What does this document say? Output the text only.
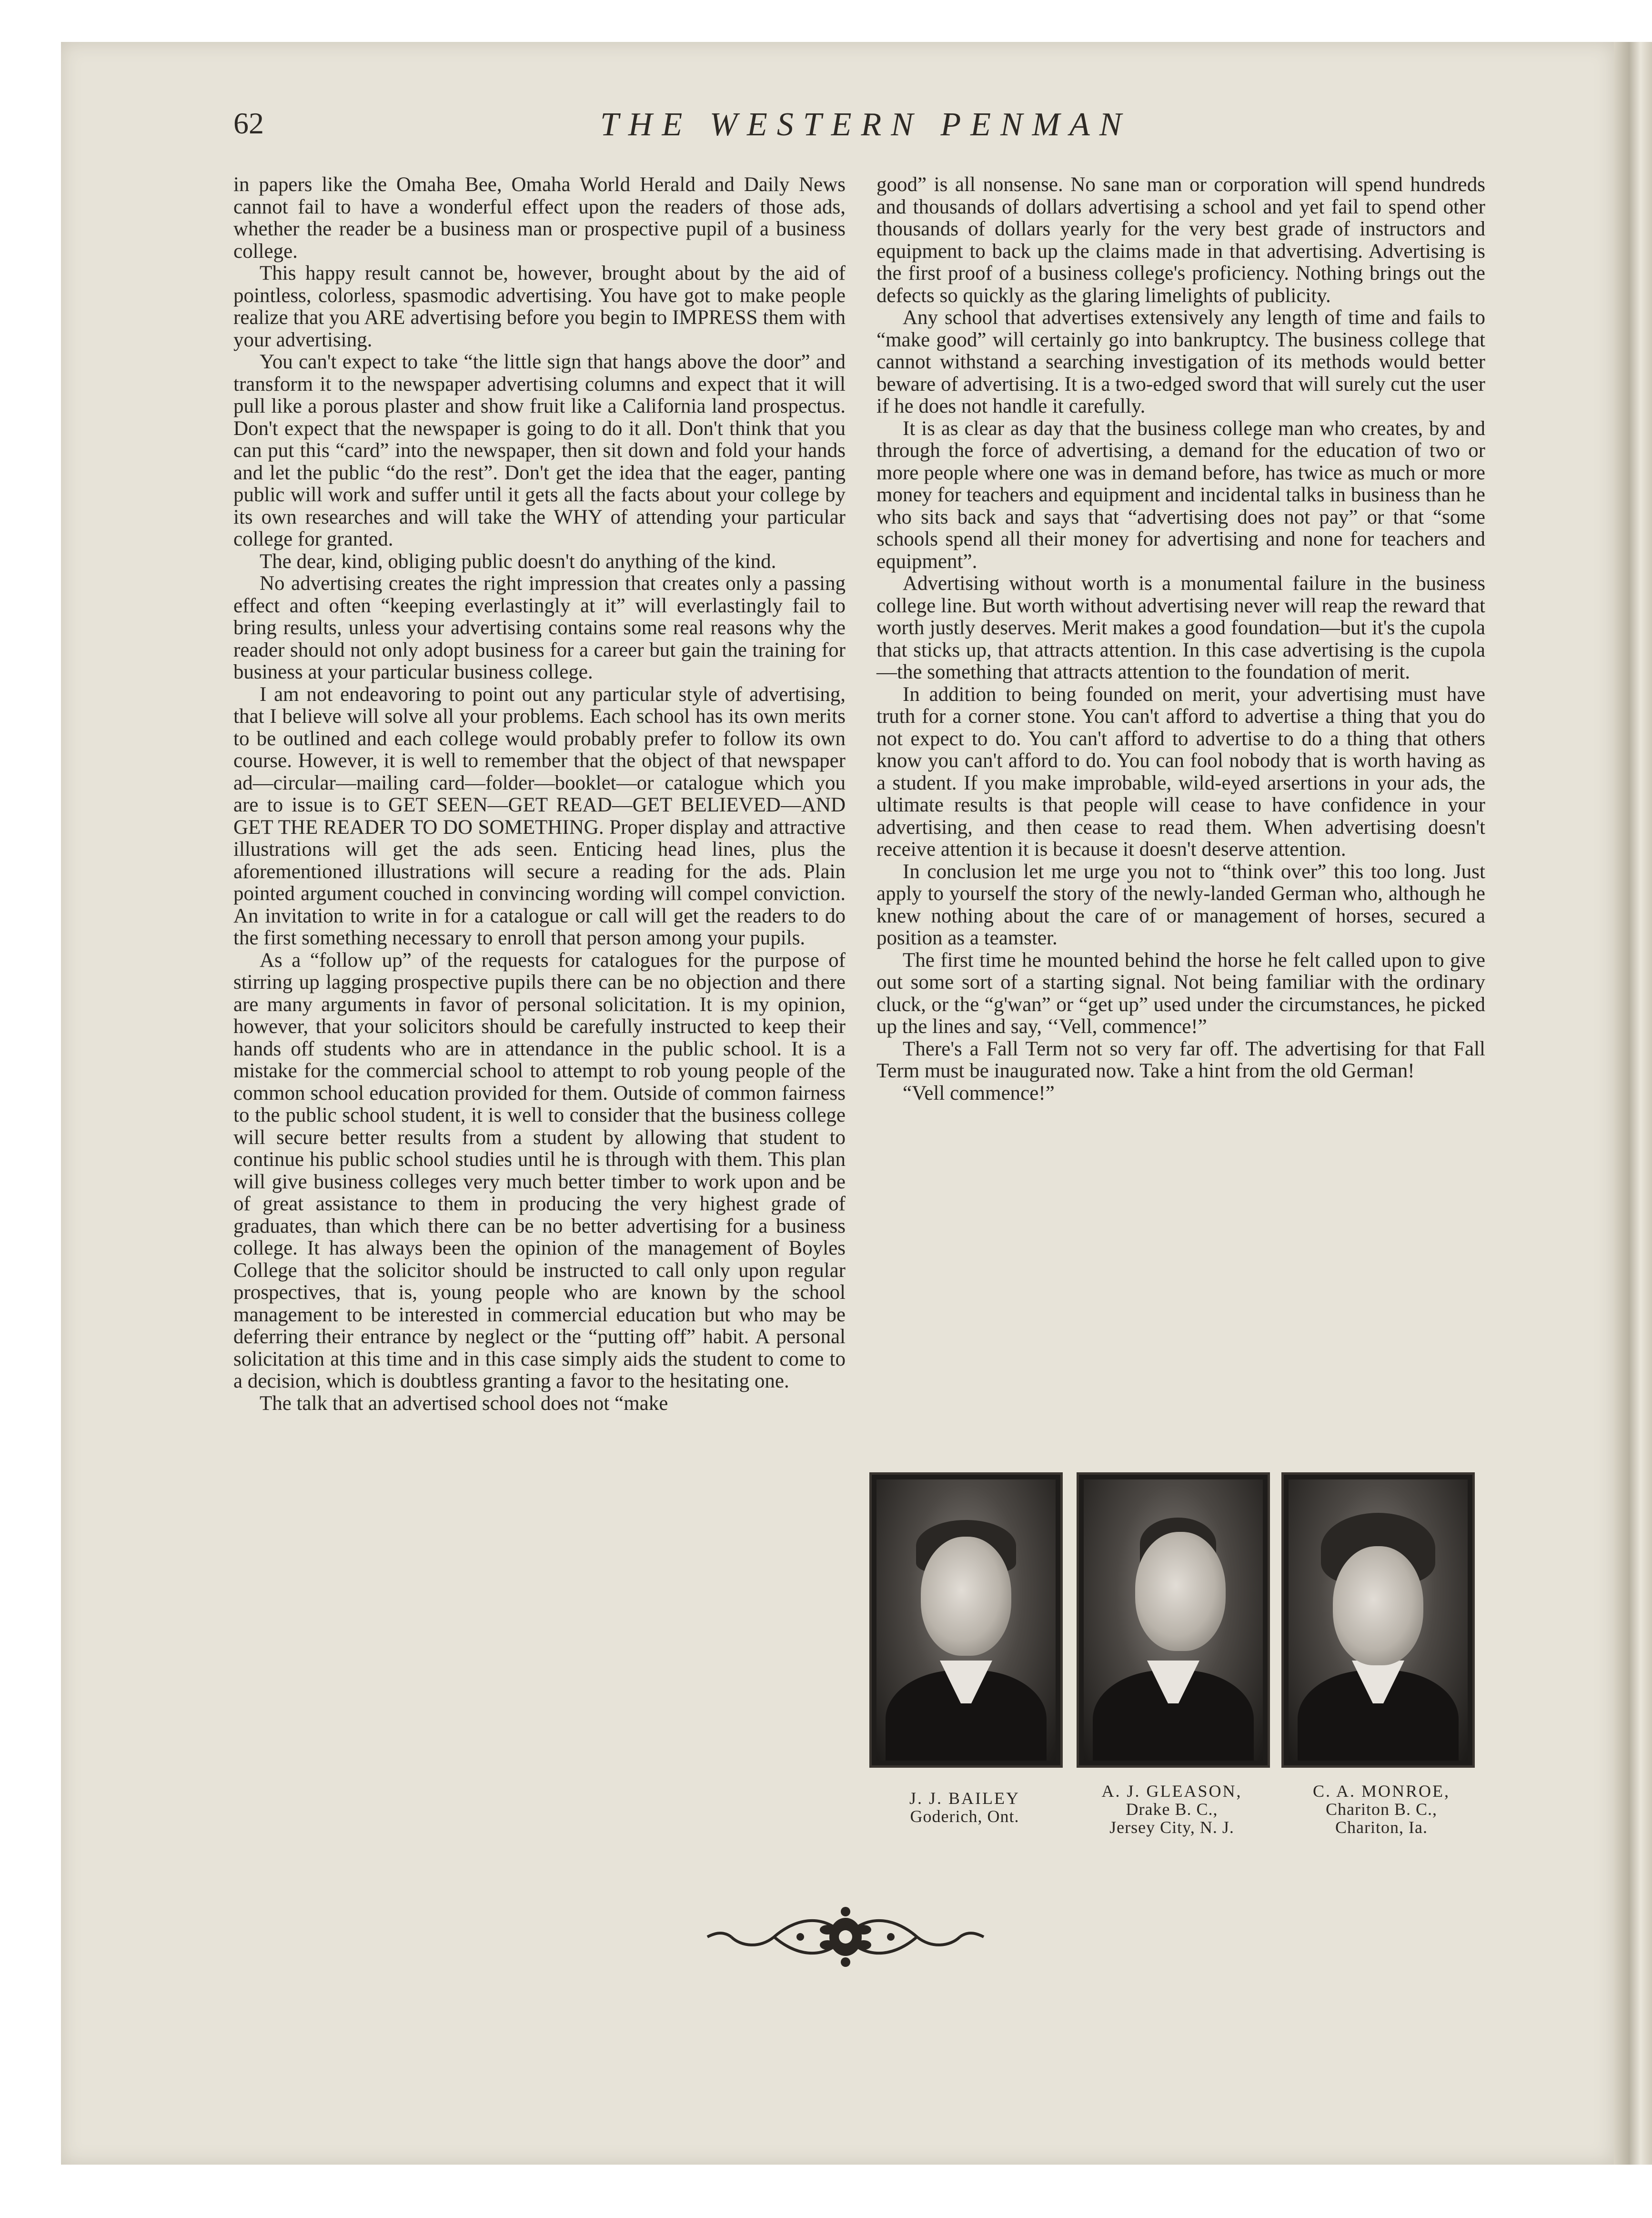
62	THE WESTERN PENMAN

in papers like the Omaha Bee, Omaha World Herald and Daily News cannot fail to have a wonderful effect upon the readers of those ads, whether the reader be a business man or prospective pupil of a business college.

This happy result cannot be, however, brought about by the aid of pointless, colorless, spasmodic advertising. You have got to make people realize that you ARE advertising before you begin to IMPRESS them with your advertising.

You can't expect to take “the little sign that hangs above the door” and transform it to the newspaper advertising columns and expect that it will pull like a porous plaster and show fruit like a California land prospectus. Don't expect that the newspaper is going to do it all. Don't think that you can put this “card” into the newspaper, then sit down and fold your hands and let the public “do the rest”. Don't get the idea that the eager, panting public will work and suffer until it gets all the facts about your college by its own researches and will take the WHY of attending your particular college for granted.

The dear, kind, obliging public doesn't do anything of the kind.

No advertising creates the right impression that creates only a passing effect and often “keeping everlastingly at it” will everlastingly fail to bring results, unless your advertising contains some real reasons why the reader should not only adopt business for a career but gain the training for business at your particular business college.

I am not endeavoring to point out any particular style of advertising, that I believe will solve all your problems. Each school has its own merits to be outlined and each college would probably prefer to follow its own course. However, it is well to remember that the object of that newspaper ad—circular—mailing card—folder—booklet—or catalogue which you are to issue is to GET SEEN—GET READ—GET BELIEVED—AND GET THE READER TO DO SOMETHING. Proper display and attractive illustrations will get the ads seen. Enticing head lines, plus the aforementioned illustrations will secure a reading for the ads. Plain pointed argument couched in convincing wording will compel conviction. An invitation to write in for a catalogue or call will get the readers to do the first something necessary to enroll that person among your pupils.

As a “follow up” of the requests for catalogues for the purpose of stirring up lagging prospective pupils there can be no objection and there are many arguments in favor of personal solicitation. It is my opinion, however, that your solicitors should be carefully instructed to keep their hands off students who are in attendance in the public school. It is a mistake for the commercial school to attempt to rob young people of the common school education provided for them. Outside of common fairness to the public school student, it is well to consider that the business college will secure better results from a student by allowing that student to continue his public school studies until he is through with them. This plan will give business colleges very much better timber to work upon and be of great assistance to them in producing the very highest grade of graduates, than which there can be no better advertising for a business college. It has always been the opinion of the management of Boyles College that the solicitor should be instructed to call only upon regular prospectives, that is, young people who are known by the school management to be interested in commercial education but who may be deferring their entrance by neglect or the “putting off” habit. A personal solicitation at this time and in this case simply aids the student to come to a decision, which is doubtless granting a favor to the hesitating one.

The talk that an advertised school does not “make

good” is all nonsense. No sane man or corporation will spend hundreds and thousands of dollars advertising a school and yet fail to spend other thousands of dollars yearly for the very best grade of instructors and equipment to back up the claims made in that advertising. Advertising is the first proof of a business college's proficiency. Nothing brings out the defects so quickly as the glaring limelights of publicity.

Any school that advertises extensively any length of time and fails to “make good” will certainly go into bankruptcy. The business college that cannot withstand a searching investigation of its methods would better beware of advertising. It is a two-edged sword that will surely cut the user if he does not handle it carefully.

It is as clear as day that the business college man who creates, by and through the force of advertising, a demand for the education of two or more people where one was in demand before, has twice as much or more money for teachers and equipment and incidental talks in business than he who sits back and says that “advertising does not pay” or that “some schools spend all their money for advertising and none for teachers and equipment”.

Advertising without worth is a monumental failure in the business college line. But worth without advertising never will reap the reward that worth justly deserves. Merit makes a good foundation—but it's the cupola that sticks up, that attracts attention. In this case advertising is the cupola—the something that attracts attention to the foundation of merit.

In addition to being founded on merit, your advertising must have truth for a corner stone. You can't afford to advertise a thing that you do not expect to do. You can't afford to advertise to do a thing that others know you can't afford to do. You can fool nobody that is worth having as a student. If you make improbable, wild-eyed arsertions in your ads, the ultimate results is that people will cease to have confidence in your advertising, and then cease to read them. When advertising doesn't receive attention it is because it doesn't deserve attention.

In conclusion let me urge you not to “think over” this too long. Just apply to yourself the story of the newly-landed German who, although he knew nothing about the care of or management of horses, secured a position as a teamster.

The first time he mounted behind the horse he felt called upon to give out some sort of a starting signal. Not being familiar with the ordinary cluck, or the “g'wan” or “get up” used under the circumstances, he picked up the lines and say, ‘‘Vell, commence!”

There's a Fall Term not so very far off. The advertising for that Fall Term must be inaugurated now. Take a hint from the old German!

“Vell commence!”

J. J. BAILEY
Goderich, Ont.
A. J. GLEASON,
Drake B. C.,
Jersey City, N. J.
C. A. MONROE,
Chariton B. C.,
Chariton, Ia.
